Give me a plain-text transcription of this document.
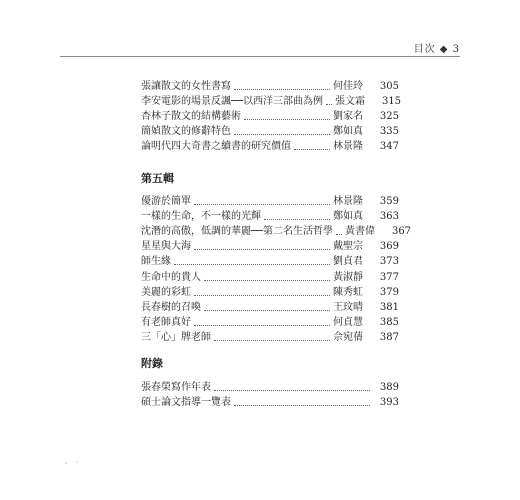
目次 ◆ 3
張讓散文的女性書寫	何佳玲	305
李安電影的場景反諷──以西洋三部曲為例 張文霜	315
杏林子散文的結構藝術	劉家名	325
簡媜散文的修辭特色	鄭如真	335
論明代四大奇書之續書的研究價值	林景隆	347
第五輯
優游於簡單	林景隆	359
一樣的生命，不一樣的光輝	鄭如真	363
沈潛的高傲，低調的華麗──第二名生活哲學 黃書偉	367
星星與大海	戴聖宗	369
師生緣	劉貞君	373
生命中的貴人	黃淑靜	377
美麗的彩虹	陳秀虹	379
長春樹的召喚	王玟晴	381
有老師真好	何貞慧	385
三「心」牌老師	佘宛蒨	387
附錄
張春榮寫作年表	389
碩士論文指導一覽表	393
